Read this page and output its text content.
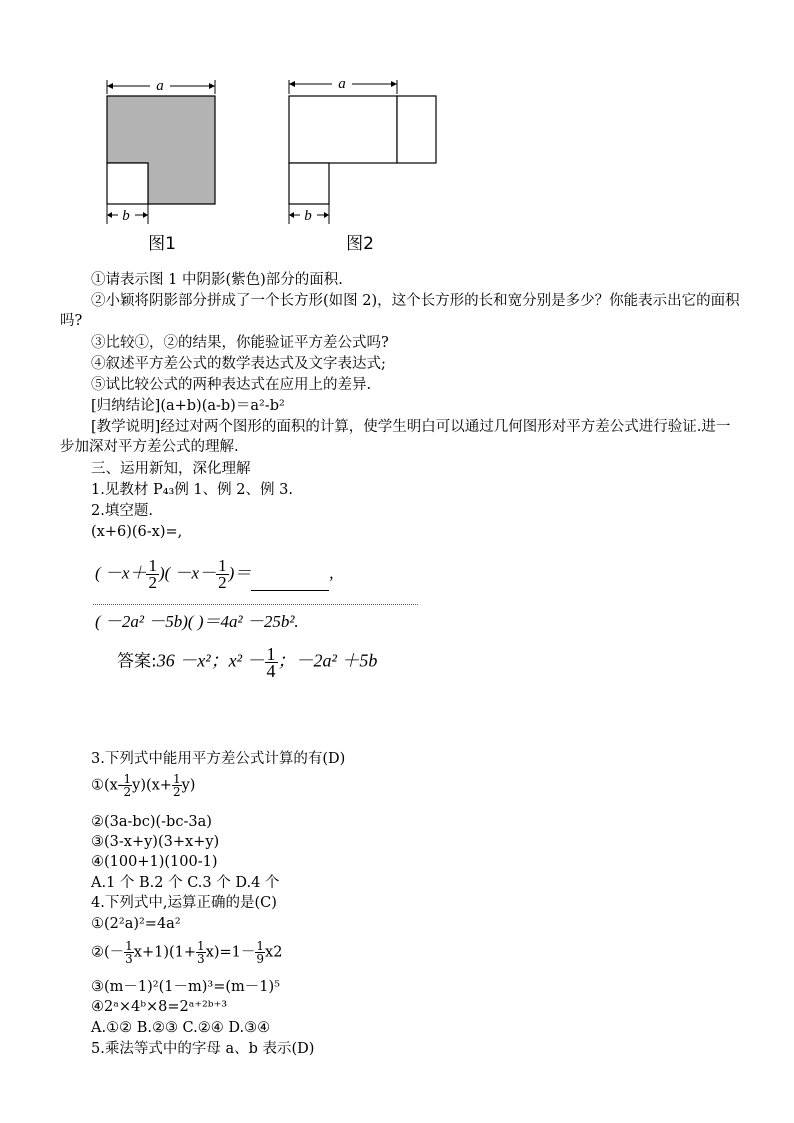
a
b
图1
a
b
图2
①请表示图 1 中阴影(紫色)部分的面积.
②小颖将阴影部分拼成了一个长方形(如图 2)，这个长方形的长和宽分别是多少？你能表示出它的面积吗?
③比较①，②的结果，你能验证平方差公式吗?
④叙述平方差公式的数学表达式及文字表达式;
⑤试比较公式的两种表达式在应用上的差异.
[归纳结论](a+b)(a-b)＝a²-b²
[教学说明]经过对两个图形的面积的计算，使学生明白可以通过几何图形对平方差公式进行验证.进一步加深对平方差公式的理解.
三、运用新知，深化理解
1.见教材 P₄₃例 1、例 2、例 3.
2.填空题.
(x+6)(6-x)=,
( $-x+ \frac{1}{2}$ )( $-x- \frac{1}{2}$ )＝	,
( －2a² －5b)( )＝4a² －25b².
答案:36 －x²；$x^2 - \frac{1}{4}$ ；－2a² ＋5b
3.下列式中能用平方差公式计算的有(D)
①(x- $\frac{1}{2} y)(x+ \frac{1}{2} y)$
②(3a-bc)(-bc-3a)
③(3-x+y)(3+x+y)
④(100+1)(100-1)
A.1 个 B.2 个 C.3 个 D.4 个
4.下列式中,运算正确的是(C)
①(2²a)²=4a²
②(－ $\frac{1}{3} x+1)(1+ \frac{1}{3} x)=1- \frac{1}{9} x2$
③(m－1)²(1－m)³=(m－1)⁵
④2ᵃ×4ᵇ×8=2ᵃ⁺²ᵇ⁺³
A.①② B.②③ C.②④ D.③④
5.乘法等式中的字母 a、b 表示(D)
